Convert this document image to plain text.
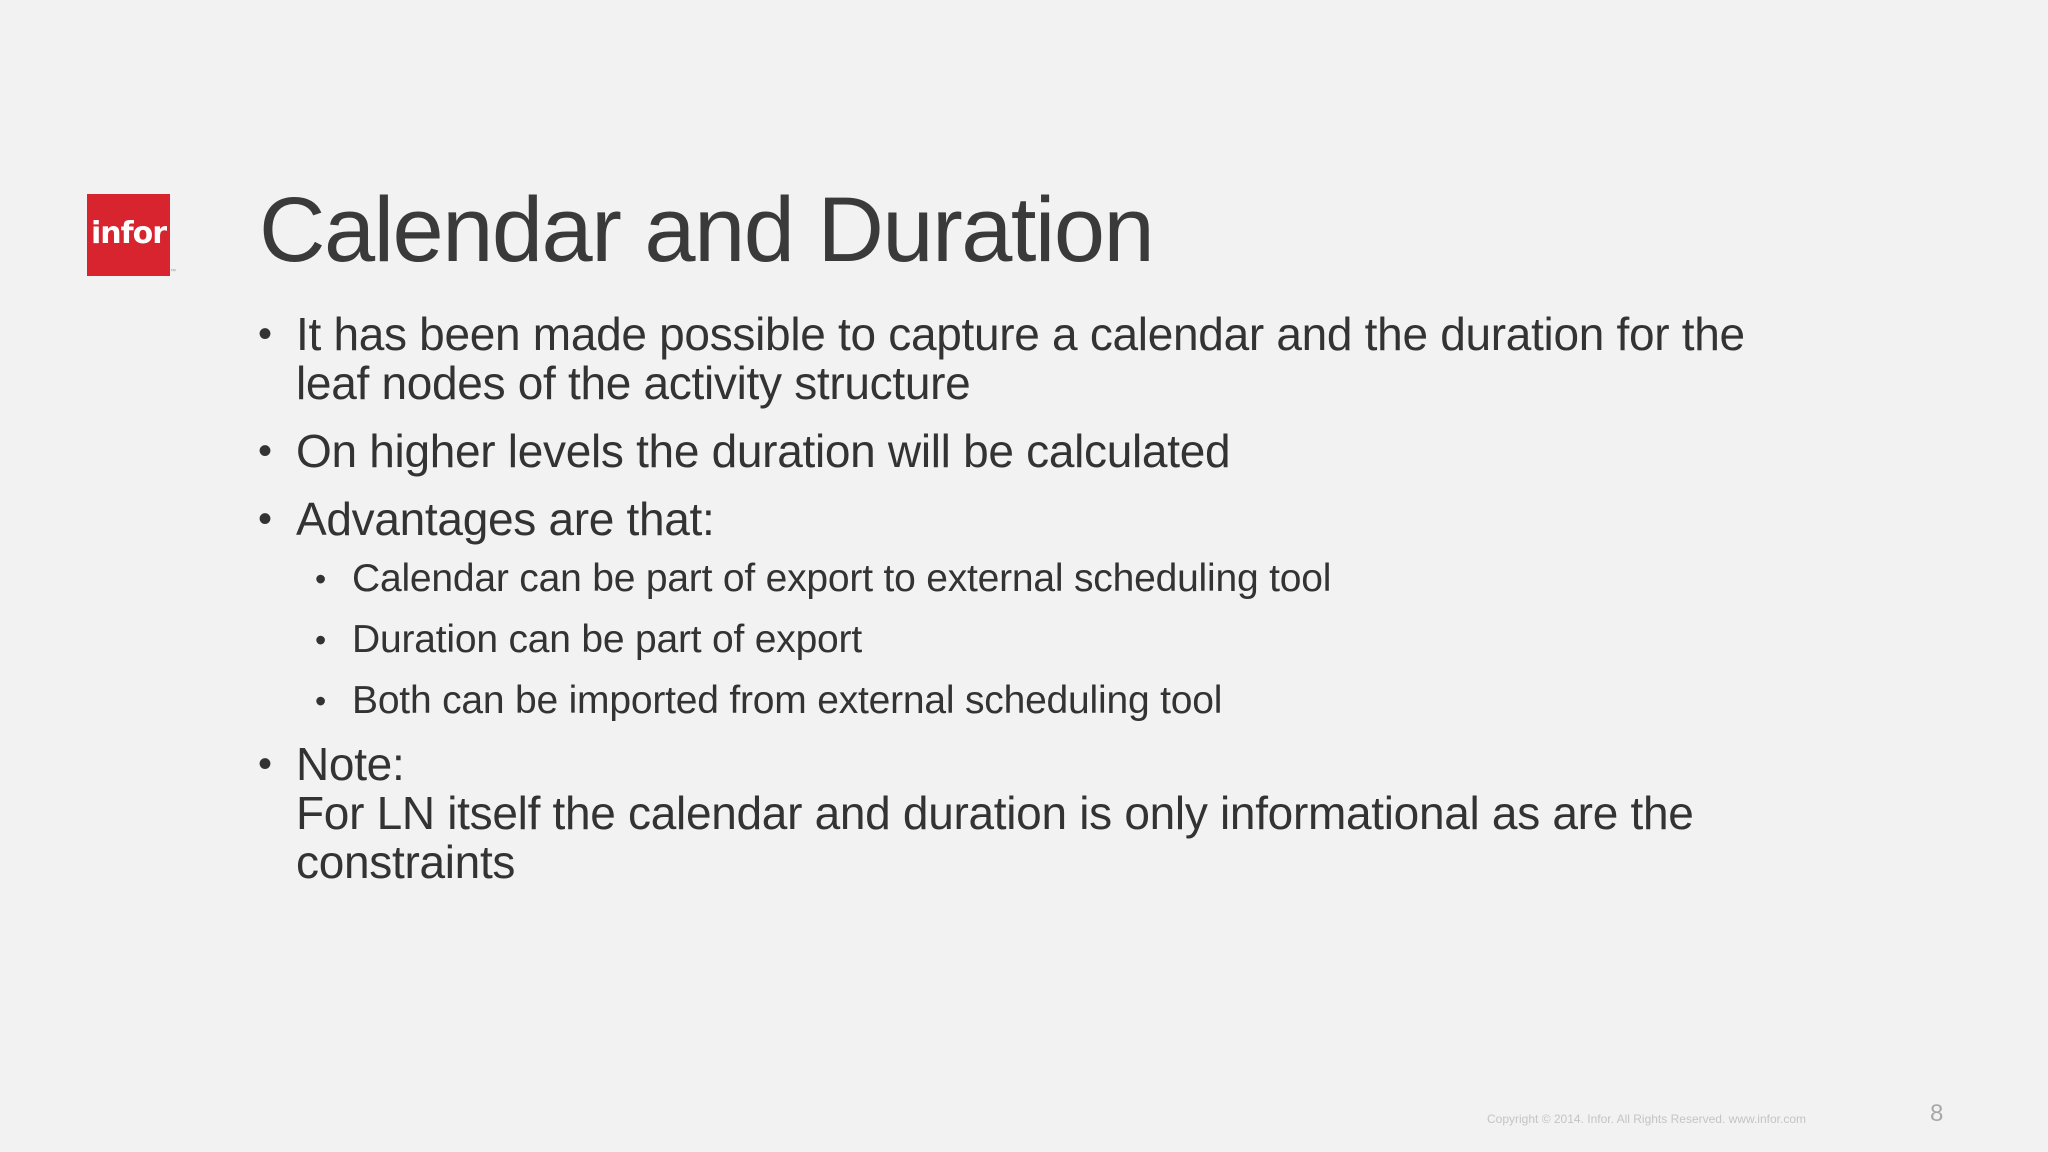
infor
™ Calendar and Duration
• It has been made possible to capture a calendar and the duration for the leaf nodes of the activity structure
• On higher levels the duration will be calculated
• Advantages are that:
• Calendar can be part of export to external scheduling tool
• Duration can be part of export
• Both can be imported from external scheduling tool
• Note:
For LN itself the calendar and duration is only informational as are the constraints
Copyright © 2014. Infor. All Rights Reserved. www.infor.com	8
